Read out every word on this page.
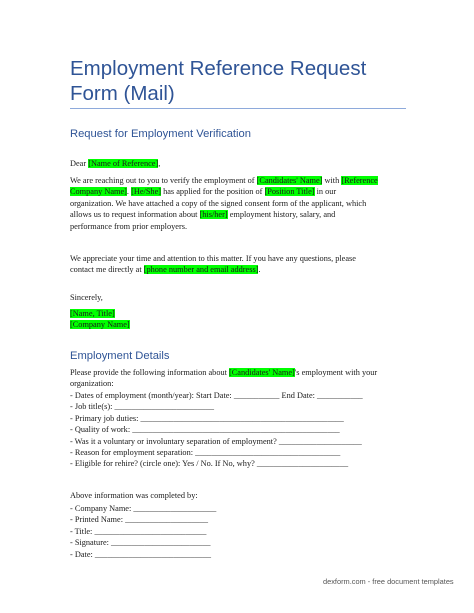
Employment Reference Request Form (Mail)
Request for Employment Verification
Dear [Name of Reference],
We are reaching out to you to verify the employment of [Candidates' Name] with [Reference
Company Name]. [He/She] has applied for the position of [Position Title] in our
organization. We have attached a copy of the signed consent form of the applicant, which
allows us to request information about [his/her] employment history, salary, and
performance from prior employers.
We appreciate your time and attention to this matter. If you have any questions, please
contact me directly at [phone number and email address].
Sincerely,
[Name, Title]
[Company Name]
Employment Details
Please provide the following information about [Candidates' Name]'s employment with your
organization:
- Dates of employment (month/year): Start Date: ___________ End Date: ___________
- Job title(s): ________________________
- Primary job duties: _________________________________________________
- Quality of work: __________________________________________________
- Was it a voluntary or involuntary separation of employment? ____________________
- Reason for employment separation: ___________________________________
- Eligible for rehire? (circle one): Yes / No. If No, why? ______________________
Above information was completed by:
- Company Name: ____________________
- Printed Name: ____________________
- Title: ___________________________
- Signature: ________________________
- Date: ____________________________
dexform.com - free document templates
